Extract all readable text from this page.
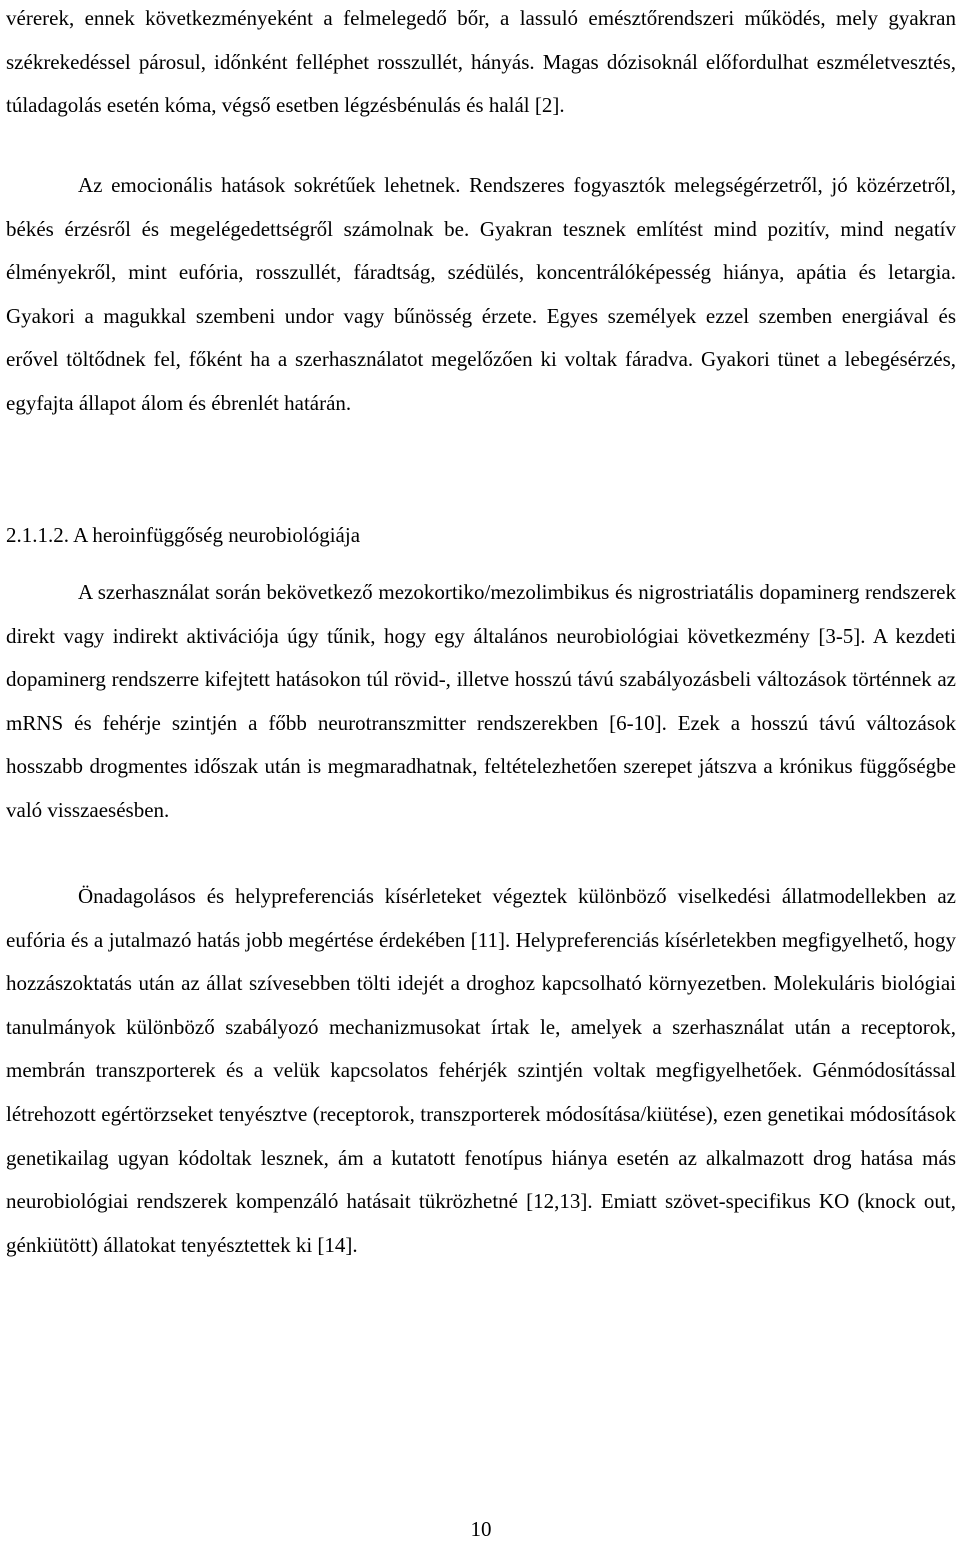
vérerek, ennek következményeként a felmelegedő bőr, a lassuló emésztőrendszeri működés, mely gyakran székrekedéssel párosul, időnként felléphet rosszullét, hányás. Magas dózisoknál előfordulhat eszméletvesztés, túladagolás esetén kóma, végső esetben légzésbénulás és halál [2].

Az emocionális hatások sokrétűek lehetnek. Rendszeres fogyasztók melegségérzetről, jó közérzetről, békés érzésről és megelégedettségről számolnak be. Gyakran tesznek említést mind pozitív, mind negatív élményekről, mint eufória, rosszullét, fáradtság, szédülés, koncentrálóképesség hiánya, apátia és letargia. Gyakori a magukkal szembeni undor vagy bűnösség érzete. Egyes személyek ezzel szemben energiával és erővel töltődnek fel, főként ha a szerhasználatot megelőzően ki voltak fáradva. Gyakori tünet a lebegésérzés, egyfajta állapot álom és ébrenlét határán.

2.1.1.2. A heroinfüggőség neurobiológiája

A szerhasználat során bekövetkező mezokortiko/mezolimbikus és nigrostriatális dopaminerg rendszerek direkt vagy indirekt aktivációja úgy tűnik, hogy egy általános neurobiológiai következmény [3-5]. A kezdeti dopaminerg rendszerre kifejtett hatásokon túl rövid-, illetve hosszú távú szabályozásbeli változások történnek az mRNS és fehérje szintjén a főbb neurotranszmitter rendszerekben [6-10]. Ezek a hosszú távú változások hosszabb drogmentes időszak után is megmaradhatnak, feltételezhetően szerepet játszva a krónikus függőségbe való visszaesésben.

Önadagolásos és helypreferenciás kísérleteket végeztek különböző viselkedési állatmodellekben az eufória és a jutalmazó hatás jobb megértése érdekében [11]. Helypreferenciás kísérletekben megfigyelhető, hogy hozzászoktatás után az állat szívesebben tölti idejét a droghoz kapcsolható környezetben. Molekuláris biológiai tanulmányok különböző szabályozó mechanizmusokat írtak le, amelyek a szerhasználat után a receptorok, membrán transzporterek és a velük kapcsolatos fehérjék szintjén voltak megfigyelhetőek. Génmódosítással létrehozott egértörzseket tenyésztve (receptorok, transzporterek módosítása/kiütése), ezen genetikai módosítások genetikailag ugyan kódoltak lesznek, ám a kutatott fenotípus hiánya esetén az alkalmazott drog hatása más neurobiológiai rendszerek kompenzáló hatásait tükrözhetné [12,13]. Emiatt szövet-specifikus KO (knock out, génkiütött) állatokat tenyésztettek ki [14].

10
